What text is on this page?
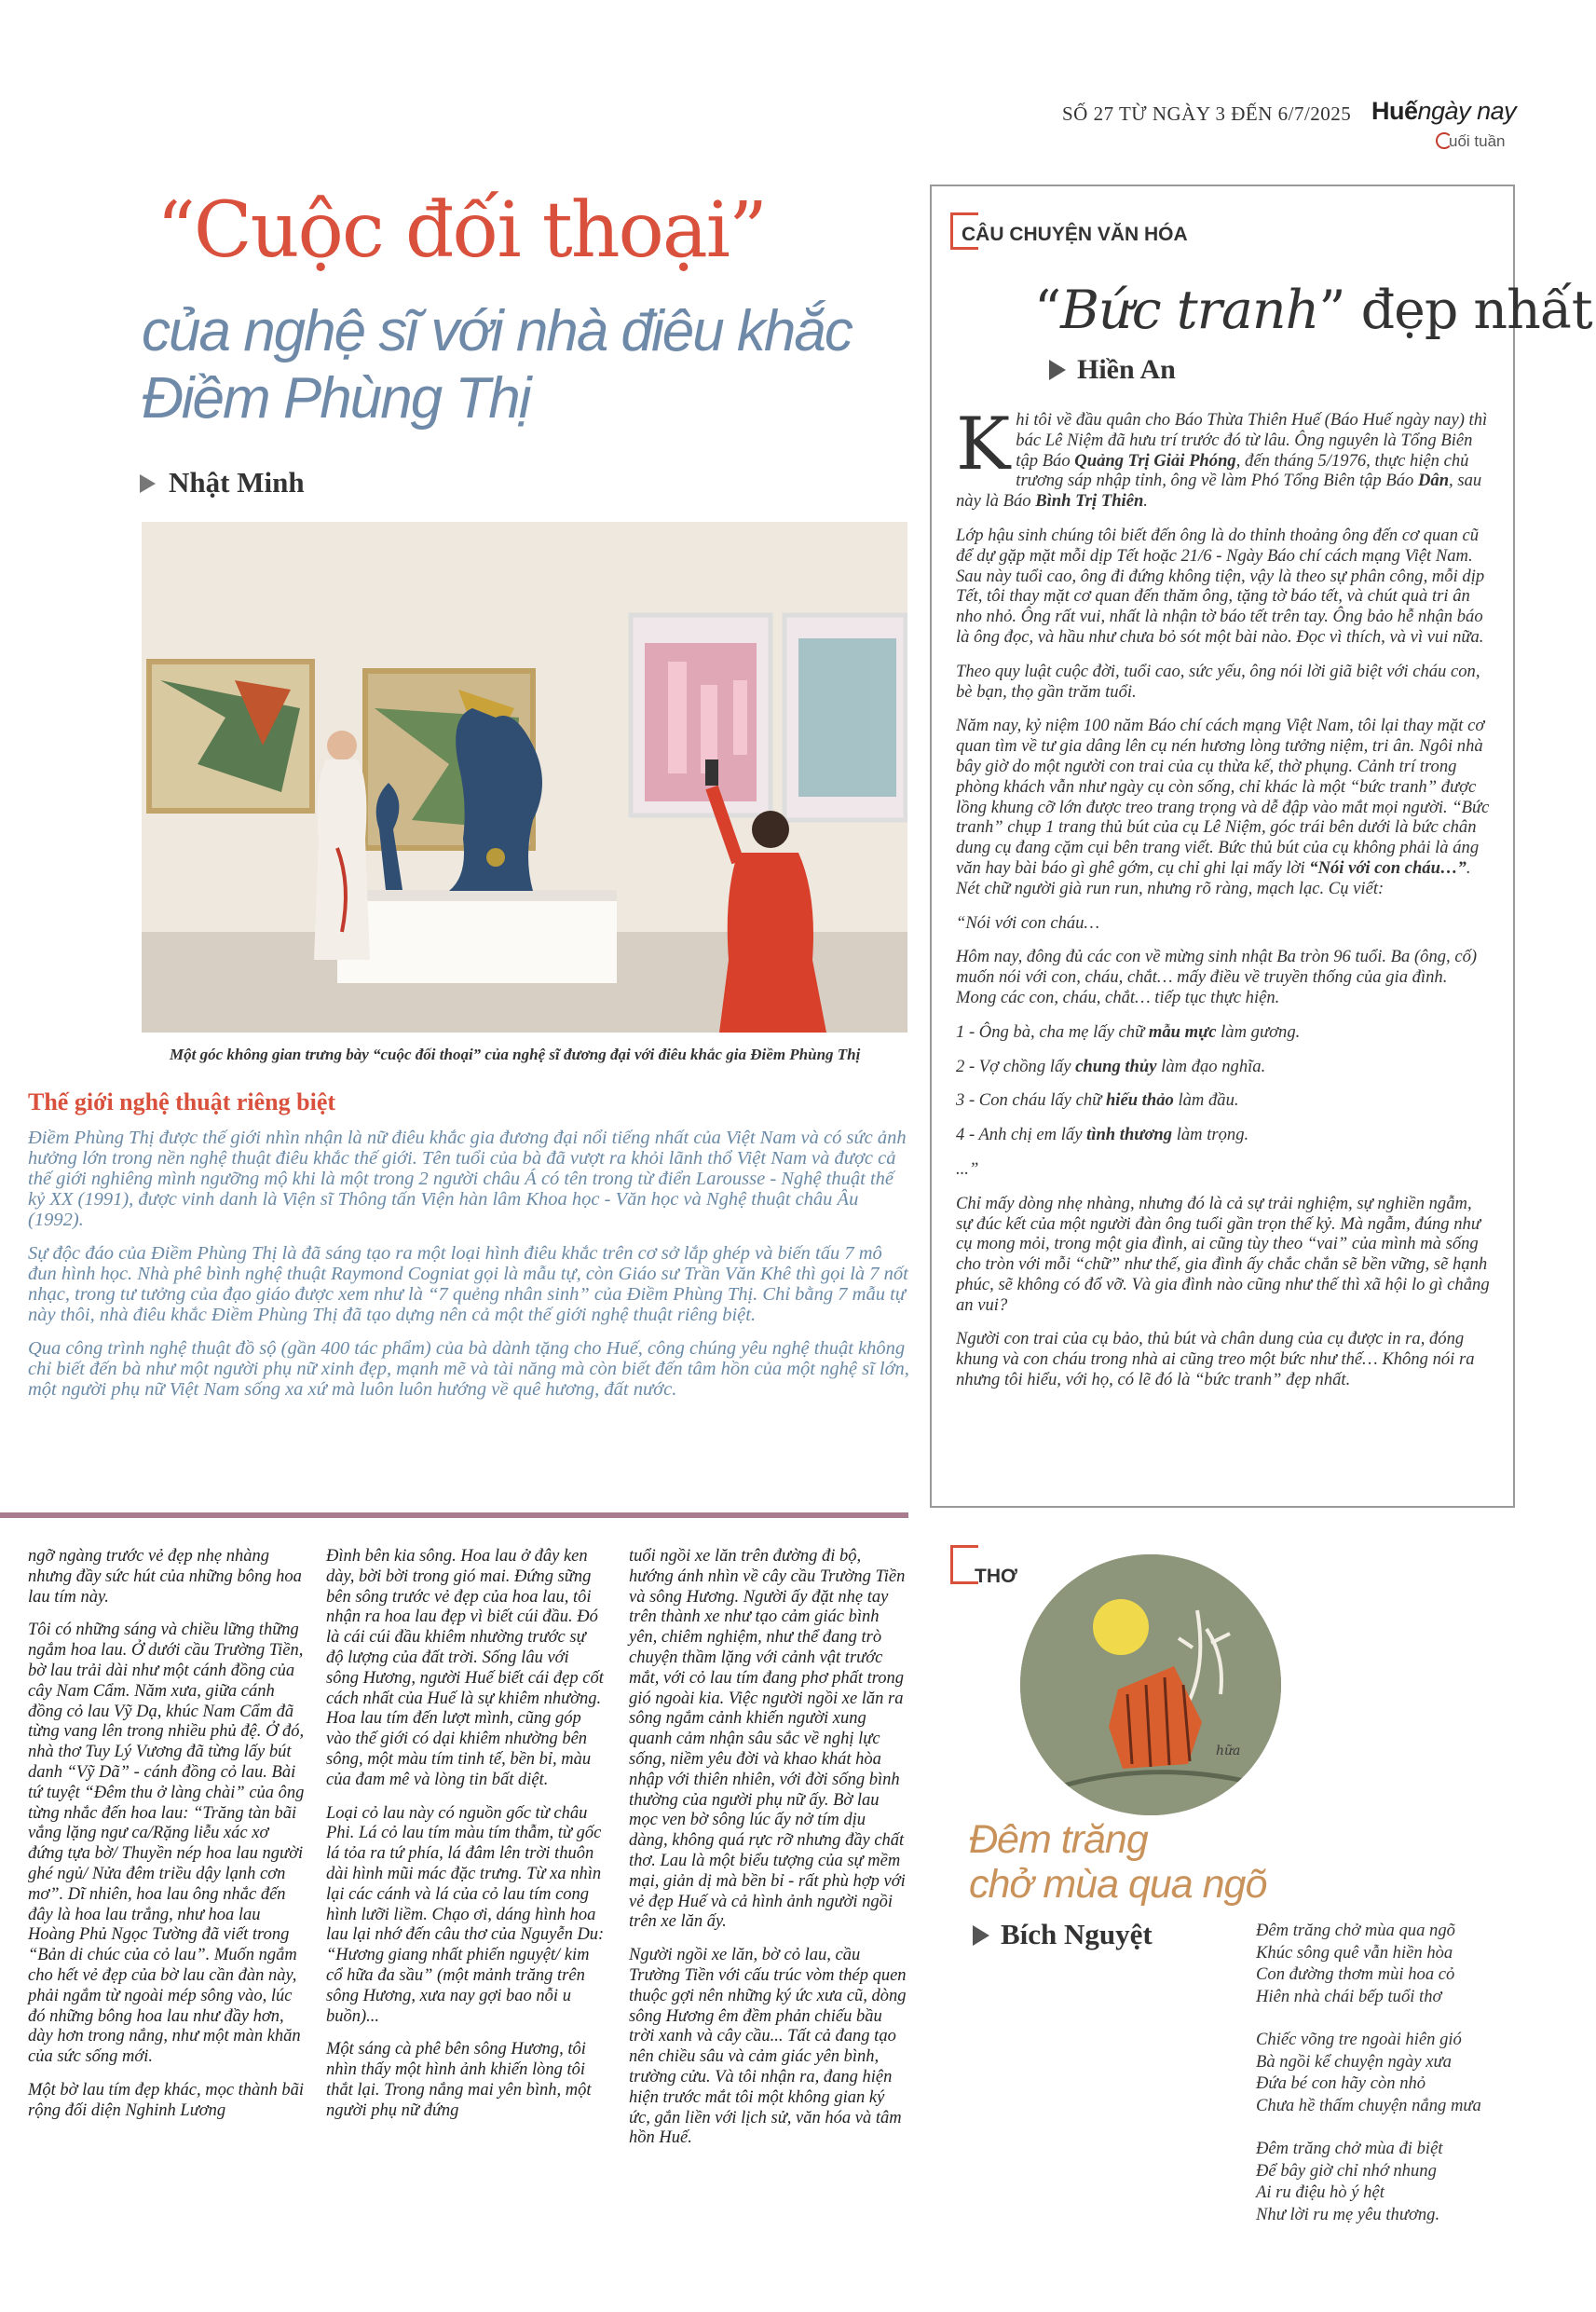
SỐ 27 TỪ NGÀY 3 ĐẾN 6/7/2025 Huếngày nay
uối tuần
“Cuộc đối thoại”
của nghệ sĩ với nhà điêu khắc
Điềm Phùng Thị
Nhật Minh
Một góc không gian trưng bày “cuộc đối thoại” của nghệ sĩ đương đại với điêu khắc gia Điềm Phùng Thị
Thế giới nghệ thuật riêng biệt

Điềm Phùng Thị được thế giới nhìn nhận là nữ điêu khắc gia đương đại nổi tiếng nhất của Việt Nam và có sức ảnh hưởng lớn trong nền nghệ thuật điêu khắc thế giới. Tên tuổi của bà đã vượt ra khỏi lãnh thổ Việt Nam và được cả thế giới nghiêng mình ngưỡng mộ khi là một trong 2 người châu Á có tên trong từ điển Larousse - Nghệ thuật thế kỷ XX (1991), được vinh danh là Viện sĩ Thông tấn Viện hàn lâm Khoa học - Văn học và Nghệ thuật châu Âu (1992).

Sự độc đáo của Điềm Phùng Thị là đã sáng tạo ra một loại hình điêu khắc trên cơ sở lắp ghép và biến tấu 7 mô đun hình học. Nhà phê bình nghệ thuật Raymond Cogniat gọi là mẫu tự, còn Giáo sư Trần Văn Khê thì gọi là 7 nốt nhạc, trong tư tưởng của đạo giáo được xem như là “7 quẻng nhân sinh” của Điềm Phùng Thị. Chỉ bằng 7 mẫu tự này thôi, nhà điêu khắc Điềm Phùng Thị đã tạo dựng nên cả một thế giới nghệ thuật riêng biệt.

Qua công trình nghệ thuật đồ sộ (gần 400 tác phẩm) của bà dành tặng cho Huế, công chúng yêu nghệ thuật không chỉ biết đến bà như một người phụ nữ xinh đẹp, mạnh mẽ và tài năng mà còn biết đến tâm hồn của một nghệ sĩ lớn, một người phụ nữ Việt Nam sống xa xứ mà luôn luôn hướng về quê hương, đất nước.

ngỡ ngàng trước vẻ đẹp nhẹ nhàng nhưng đầy sức hút của những bông hoa lau tím này.

Tôi có những sáng và chiều lững thững ngắm hoa lau. Ở dưới cầu Trường Tiền, bờ lau trải dài như một cánh đồng của cây Nam Cẩm. Năm xưa, giữa cánh đồng cỏ lau Vỹ Dạ, khúc Nam Cẩm đã từng vang lên trong nhiều phủ đệ. Ở đó, nhà thơ Tuy Lý Vương đã từng lấy bút danh “Vỹ Dã” - cánh đồng cỏ lau. Bài tứ tuyệt “Đêm thu ở làng chài” của ông từng nhắc đến hoa lau: “Trăng tàn bãi vắng lặng ngư ca/Rặng liễu xác xơ đứng tựa bờ/ Thuyền nép hoa lau người ghé ngủ/ Nửa đêm triều dậy lạnh cơn mơ”. Dĩ nhiên, hoa lau ông nhắc đến đây là hoa lau trắng, như hoa lau Hoàng Phủ Ngọc Tường đã viết trong “Bản di chúc của cỏ lau”. Muốn ngắm cho hết vẻ đẹp của bờ lau cần đàn này, phải ngắm từ ngoài mép sông vào, lúc đó những bông hoa lau như đầy hơn, dày hơn trong nắng, như một màn khăn của sức sống mới.

Một bờ lau tím đẹp khác, mọc thành bãi rộng đối diện Nghinh Lương

Đình bên kia sông. Hoa lau ở đây ken dày, bời bời trong gió mai. Đứng sững bên sông trước vẻ đẹp của hoa lau, tôi nhận ra hoa lau đẹp vì biết cúi đầu. Đó là cái cúi đầu khiêm nhường trước sự độ lượng của đất trời. Sống lâu với sông Hương, người Huế biết cái đẹp cốt cách nhất của Huế là sự khiêm nhường. Hoa lau tím đến lượt mình, cũng góp vào thế giới có dại khiêm nhường bên sông, một màu tím tinh tế, bền bỉ, màu của đam mê và lòng tin bất diệt.

Loại cỏ lau này có nguồn gốc từ châu Phi. Lá cỏ lau tím màu tím thẫm, từ gốc lá tỏa ra tứ phía, lá đâm lên trời thuôn dài hình mũi mác đặc trưng. Từ xa nhìn lại các cánh và lá của cỏ lau tím cong hình lưỡi liềm. Chạo ơi, dáng hình hoa lau lại nhớ đến câu thơ của Nguyễn Du: “Hương giang nhất phiến nguyệt/ kim cổ hữa đa sầu” (một mảnh trăng trên sông Hương, xưa nay gợi bao nỗi u buồn)...

Một sáng cà phê bên sông Hương, tôi nhìn thấy một hình ảnh khiến lòng tôi thắt lại. Trong nắng mai yên bình, một người phụ nữ đứng

tuổi ngồi xe lăn trên đường đi bộ, hướng ánh nhìn về cây cầu Trường Tiền và sông Hương. Người ấy đặt nhẹ tay trên thành xe như tạo cảm giác bình yên, chiêm nghiệm, như thể đang trò chuyện thầm lặng với cảnh vật trước mắt, với cỏ lau tím đang phơ phất trong gió ngoài kia. Việc người ngồi xe lăn ra sông ngắm cảnh khiến người xung quanh cảm nhận sâu sắc về nghị lực sống, niềm yêu đời và khao khát hòa nhập với thiên nhiên, với đời sống bình thường của người phụ nữ ấy. Bờ lau mọc ven bờ sông lúc ấy nở tím dịu dàng, không quá rực rỡ nhưng đầy chất thơ. Lau là một biểu tượng của sự mềm mại, giản dị mà bền bỉ - rất phù hợp với vẻ đẹp Huế và cả hình ảnh người ngồi trên xe lăn ấy.

Người ngồi xe lăn, bờ cỏ lau, cầu Trường Tiền với cấu trúc vòm thép quen thuộc gợi nên những ký ức xưa cũ, dòng sông Hương êm đềm phản chiếu bầu trời xanh và cây cầu... Tất cả đang tạo nên chiều sâu và cảm giác yên bình, trường cửu. Và tôi nhận ra, đang hiện hiện trước mắt tôi một không gian ký ức, gắn liền với lịch sử, văn hóa và tâm hồn Huế.

CÂU CHUYỆN VĂN HÓA
“Bức tranh” đẹp nhất
Hiền An

Khi tôi về đầu quân cho Báo Thừa Thiên Huế (Báo Huế ngày nay) thì bác Lê Niệm đã hưu trí trước đó từ lâu. Ông nguyên là Tổng Biên tập Báo Quảng Trị Giải Phóng, đến tháng 5/1976, thực hiện chủ trương sáp nhập tỉnh, ông về làm Phó Tổng Biên tập Báo Dân, sau này là Báo Bình Trị Thiên.

Lớp hậu sinh chúng tôi biết đến ông là do thỉnh thoảng ông đến cơ quan cũ để dự gặp mặt mỗi dịp Tết hoặc 21/6 - Ngày Báo chí cách mạng Việt Nam. Sau này tuổi cao, ông đi đứng không tiện, vậy là theo sự phân công, mỗi dịp Tết, tôi thay mặt cơ quan đến thăm ông, tặng tờ báo tết, và chút quà tri ân nho nhỏ. Ông rất vui, nhất là nhận tờ báo tết trên tay. Ông bảo hễ nhận báo là ông đọc, và hầu như chưa bỏ sót một bài nào. Đọc vì thích, và vì vui nữa.

Theo quy luật cuộc đời, tuổi cao, sức yếu, ông nói lời giã biệt với cháu con, bè bạn, thọ gần trăm tuổi.

Năm nay, kỷ niệm 100 năm Báo chí cách mạng Việt Nam, tôi lại thay mặt cơ quan tìm về tư gia dâng lên cụ nén hương lòng tưởng niệm, tri ân. Ngôi nhà bây giờ do một người con trai của cụ thừa kế, thờ phụng. Cảnh trí trong phòng khách vẫn như ngày cụ còn sống, chỉ khác là một “bức tranh” được lồng khung cỡ lớn được treo trang trọng và dễ đập vào mắt mọi người. “Bức tranh” chụp 1 trang thủ bút của cụ Lê Niệm, góc trái bên dưới là bức chân dung cụ đang cặm cụi bên trang viết. Bức thủ bút của cụ không phải là áng văn hay bài báo gì ghê gớm, cụ chỉ ghi lại mấy lời “Nói với con cháu…”. Nét chữ người già run run, nhưng rõ ràng, mạch lạc. Cụ viết:

“Nói với con cháu…

Hôm nay, đông đủ các con về mừng sinh nhật Ba tròn 96 tuổi. Ba (ông, cố) muốn nói với con, cháu, chắt… mấy điều về truyền thống của gia đình. Mong các con, cháu, chắt… tiếp tục thực hiện.

1 - Ông bà, cha mẹ lấy chữ mẫu mực làm gương.

2 - Vợ chồng lấy chung thủy làm đạo nghĩa.

3 - Con cháu lấy chữ hiếu thảo làm đầu.

4 - Anh chị em lấy tình thương làm trọng.

...”

Chỉ mấy dòng nhẹ nhàng, nhưng đó là cả sự trải nghiệm, sự nghiền ngẫm, sự đúc kết của một người đàn ông tuổi gần trọn thế kỷ. Mà ngẫm, đúng như cụ mong mỏi, trong một gia đình, ai cũng tùy theo “vai” của mình mà sống cho tròn với mỗi “chữ” như thế, gia đình ấy chắc chắn sẽ bền vững, sẽ hạnh phúc, sẽ không có đổ vỡ. Và gia đình nào cũng như thế thì xã hội lo gì chẳng an vui?

Người con trai của cụ bảo, thủ bút và chân dung của cụ được in ra, đóng khung và con cháu trong nhà ai cũng treo một bức như thế… Không nói ra nhưng tôi hiểu, với họ, có lẽ đó là “bức tranh” đẹp nhất.

THƠ
hữa
Đêm trăng
chở mùa qua ngõ
Bích Nguyệt	Đêm trăng chở mùa qua ngõ
Khúc sông quê vẫn hiền hòa
Con đường thơm mùi hoa cỏ
Hiên nhà chái bếp tuổi thơ
Chiếc võng tre ngoài hiên gió
Bà ngồi kể chuyện ngày xưa
Đứa bé con hãy còn nhỏ
Chưa hề thấm chuyện nắng mưa
Đêm trăng chở mùa đi biệt
Để bây giờ chỉ nhớ nhung
Ai ru điệu hò ý hệt
Như lời ru mẹ yêu thương.
